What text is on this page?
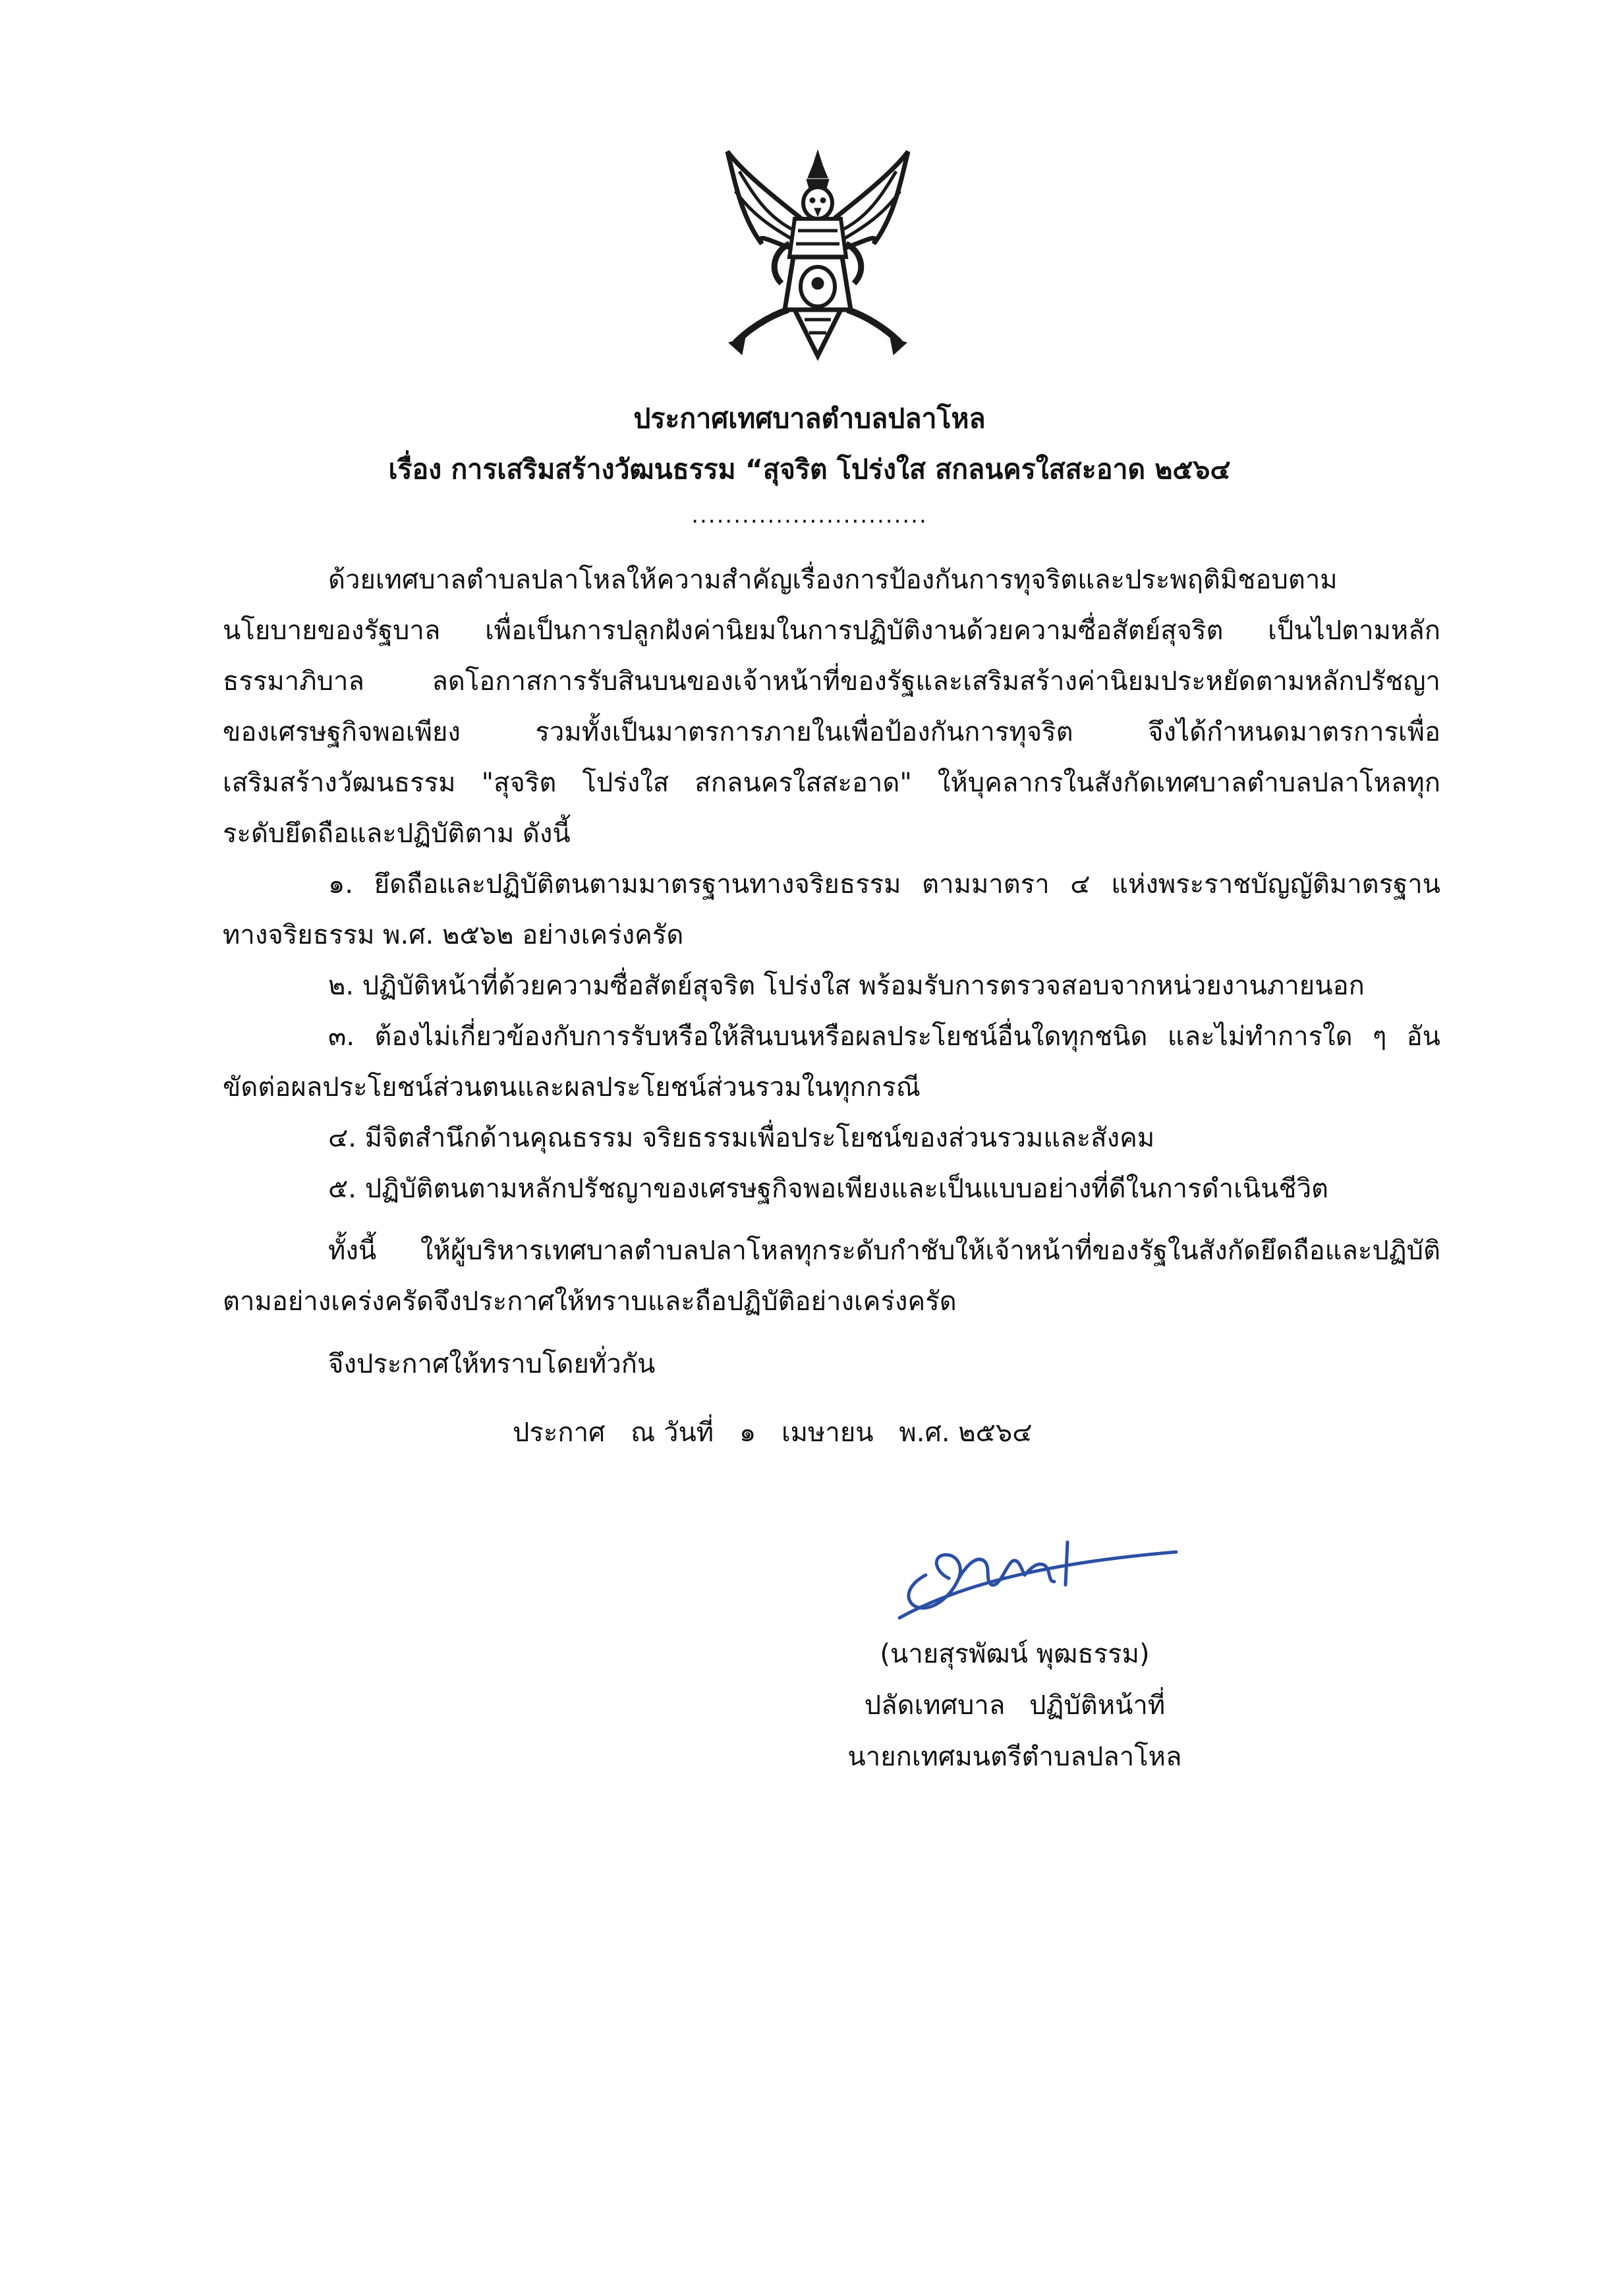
ประกาศเทศบาลตำบลปลาโหล
เรื่อง การเสริมสร้างวัฒนธรรม “สุจริต โปร่งใส สกลนครใสสะอาด ๒๕๖๔
............................
ด้วยเทศบาลตำบลปลาโหลให้ความสำคัญเรื่องการป้องกันการทุจริตและประพฤติมิชอบตาม
นโยบายของรัฐบาล เพื่อเป็นการปลูกฝังค่านิยมในการปฏิบัติงานด้วยความซื่อสัตย์สุจริต เป็นไปตามหลัก
ธรรมาภิบาล ลดโอกาสการรับสินบนของเจ้าหน้าที่ของรัฐและเสริมสร้างค่านิยมประหยัดตามหลักปรัชญา
ของเศรษฐกิจพอเพียง รวมทั้งเป็นมาตรการภายในเพื่อป้องกันการทุจริต จึงได้กำหนดมาตรการเพื่อ
เสริมสร้างวัฒนธรรม "สุจริต โปร่งใส สกลนครใสสะอาด" ให้บุคลากรในสังกัดเทศบาลตำบลปลาโหลทุก
ระดับยึดถือและปฏิบัติตาม ดังนี้
๑. ยึดถือและปฏิบัติตนตามมาตรฐานทางจริยธรรม ตามมาตรา ๔ แห่งพระราชบัญญัติมาตรฐาน
ทางจริยธรรม พ.ศ. ๒๕๖๒ อย่างเคร่งครัด
๒. ปฏิบัติหน้าที่ด้วยความซื่อสัตย์สุจริต โปร่งใส พร้อมรับการตรวจสอบจากหน่วยงานภายนอก
๓. ต้องไม่เกี่ยวข้องกับการรับหรือให้สินบนหรือผลประโยชน์อื่นใดทุกชนิด และไม่ทำการใด ๆ อัน
ขัดต่อผลประโยชน์ส่วนตนและผลประโยชน์ส่วนรวมในทุกกรณี
๔. มีจิตสำนึกด้านคุณธรรม จริยธรรมเพื่อประโยชน์ของส่วนรวมและสังคม
๕. ปฏิบัติตนตามหลักปรัชญาของเศรษฐกิจพอเพียงและเป็นแบบอย่างที่ดีในการดำเนินชีวิต
ทั้งนี้ ให้ผู้บริหารเทศบาลตำบลปลาโหลทุกระดับกำชับให้เจ้าหน้าที่ของรัฐในสังกัดยึดถือและปฏิบัติ
ตามอย่างเคร่งครัดจึงประกาศให้ทราบและถือปฏิบัติอย่างเคร่งครัด
จึงประกาศให้ทราบโดยทั่วกัน
ประกาศ ณ วันที่ ๑ เมษายน พ.ศ. ๒๕๖๔
(นายสุรพัฒน์ พุฒธรรม)
ปลัดเทศบาล ปฏิบัติหน้าที่
นายกเทศมนตรีตำบลปลาโหล
